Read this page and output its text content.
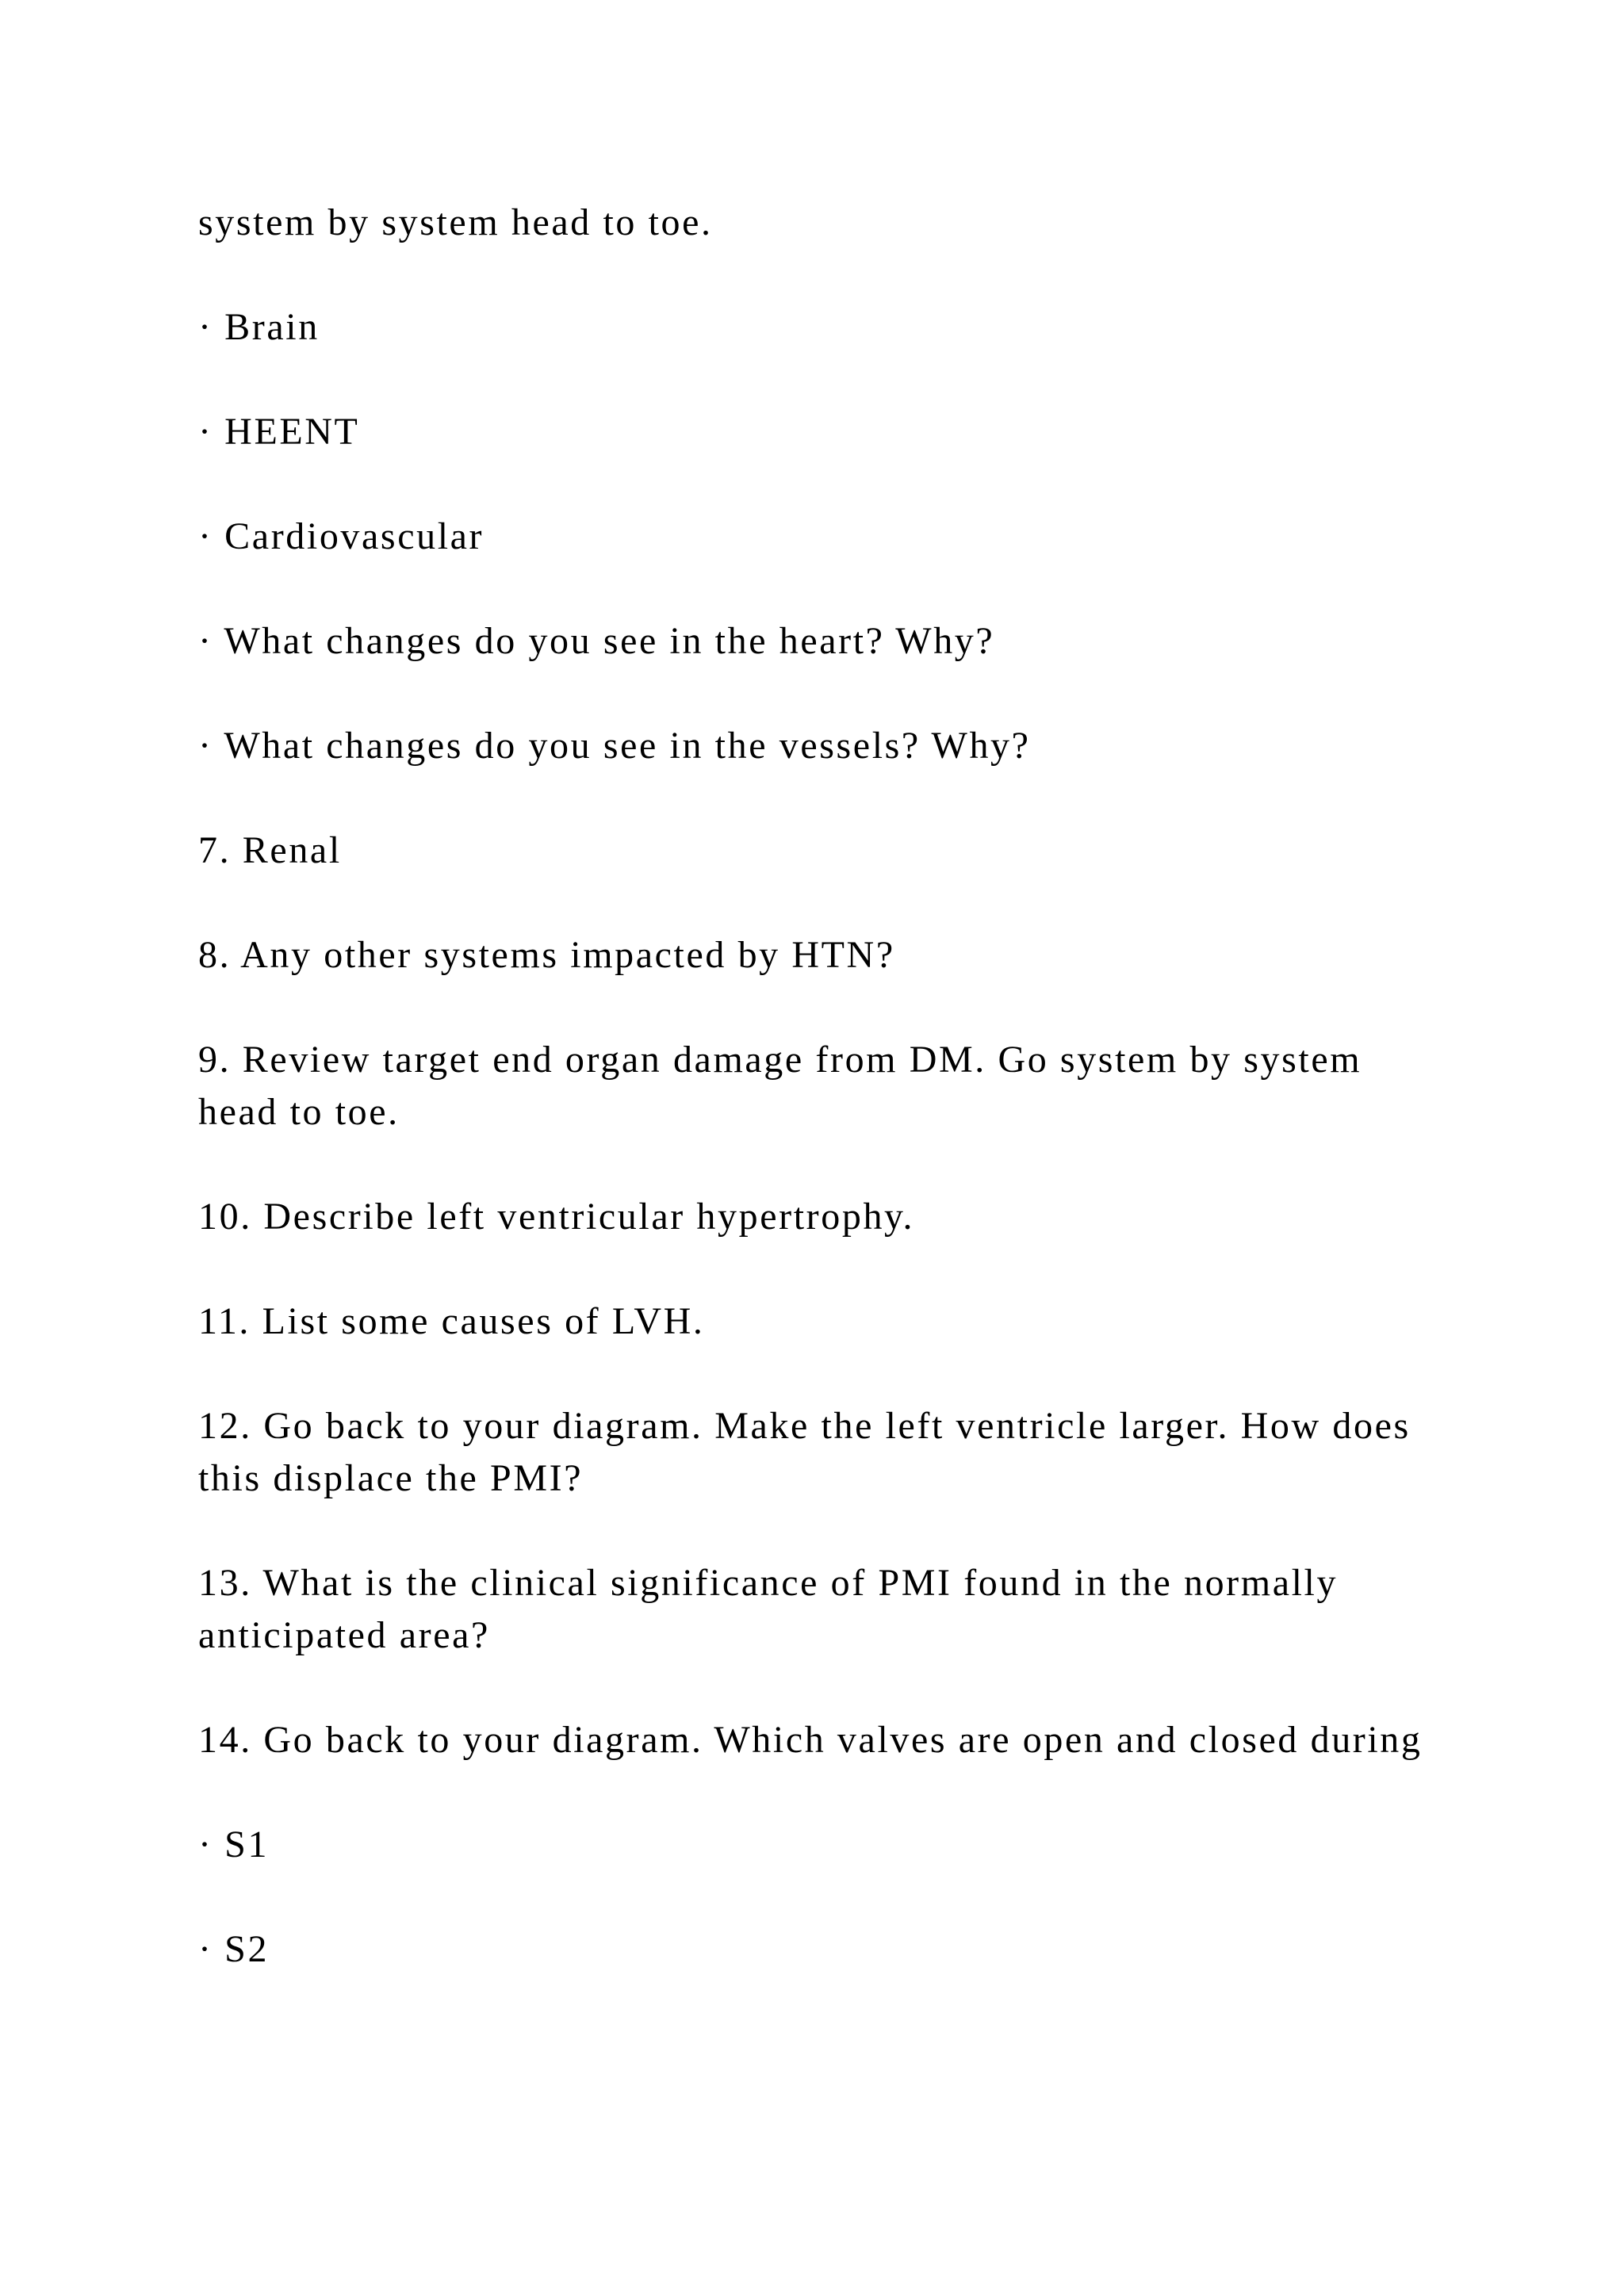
system by system head to toe.

· Brain

· HEENT

· Cardiovascular

· What changes do you see in the heart? Why?

· What changes do you see in the vessels? Why?

7. Renal

8. Any other systems impacted by HTN?

9. Review target end organ damage from DM. Go system by system head to toe.

10. Describe left ventricular hypertrophy.

11. List some causes of LVH.

12. Go back to your diagram. Make the left ventricle larger. How does this displace the PMI?

13. What is the clinical significance of PMI found in the normally anticipated area?

14. Go back to your diagram. Which valves are open and closed during

· S1

· S2
